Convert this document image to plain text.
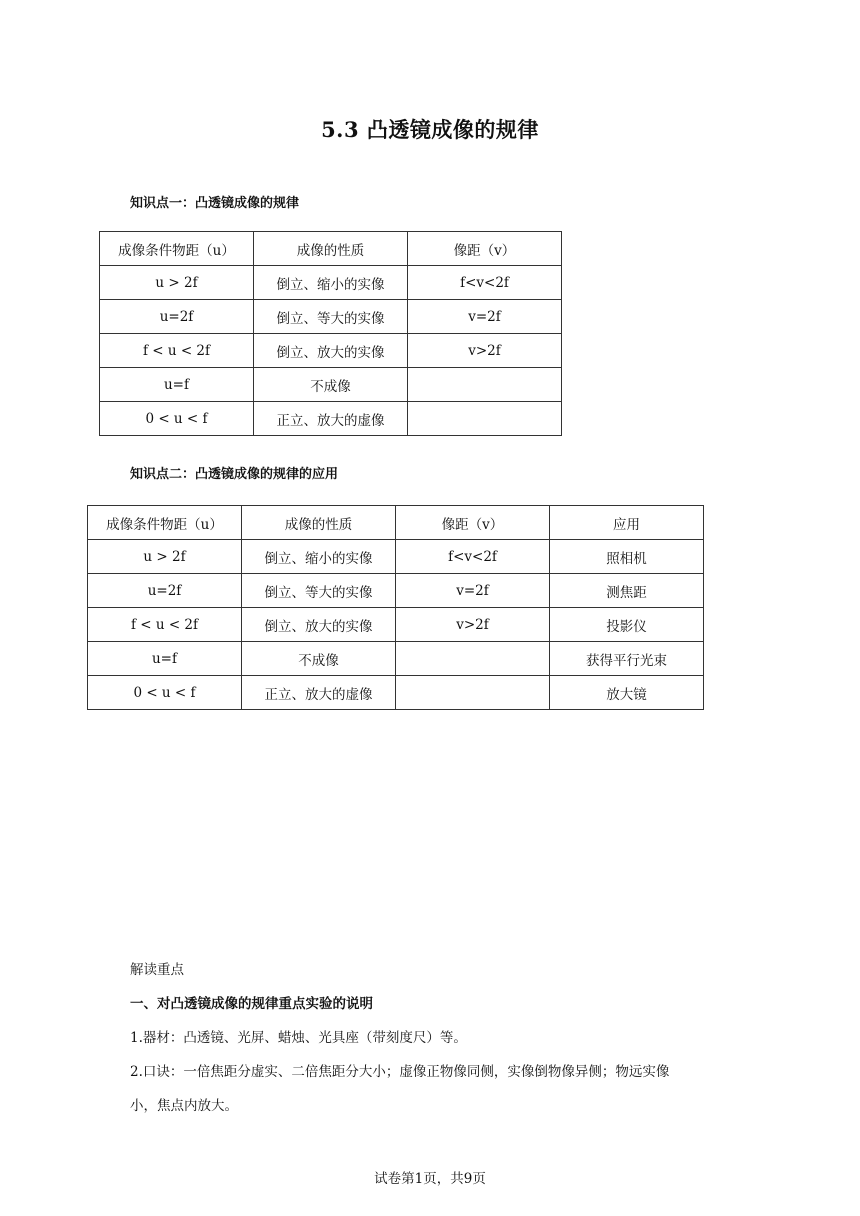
5.3 凸透镜成像的规律
知识点一：凸透镜成像的规律
成像条件物距（u）	成像的性质	像距（v）
u > 2f	倒立、缩小的实像	f<v<2f
u=2f	倒立、等大的实像	v=2f
f < u < 2f	倒立、放大的实像	v>2f
u=f	不成像	
0 < u < f	正立、放大的虚像	
知识点二：凸透镜成像的规律的应用
成像条件物距（u）	成像的性质	像距（v）	应用
u > 2f	倒立、缩小的实像	f<v<2f	照相机
u=2f	倒立、等大的实像	v=2f	测焦距
f < u < 2f	倒立、放大的实像	v>2f	投影仪
u=f	不成像		获得平行光束
0 < u < f	正立、放大的虚像		放大镜
解读重点
一、对凸透镜成像的规律重点实验的说明
1.器材：凸透镜、光屏、蜡烛、光具座（带刻度尺）等。
2.口诀：一倍焦距分虚实、二倍焦距分大小；虚像正物像同侧，实像倒物像异侧；物远实像
小，焦点内放大。
试卷第1页，共9页
